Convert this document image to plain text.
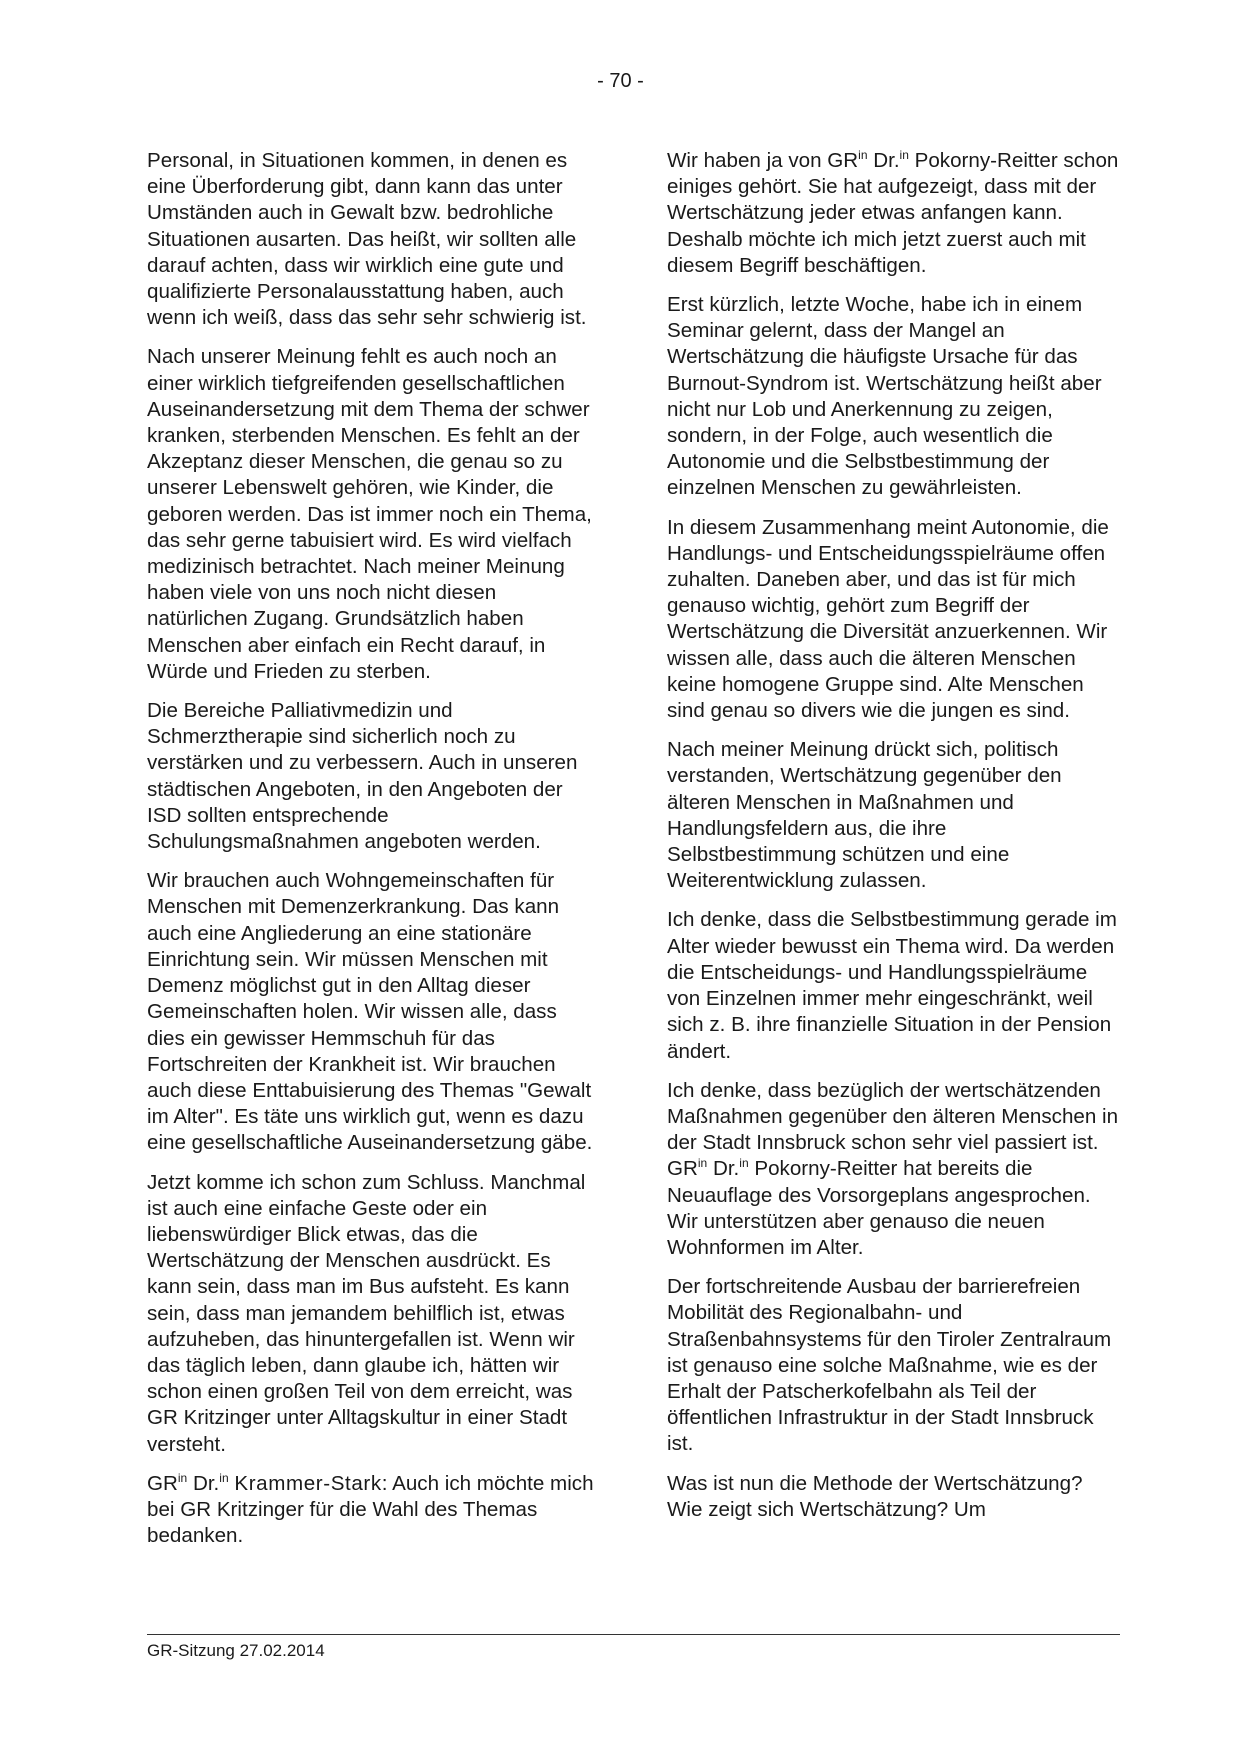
- 70 -

Personal, in Situationen kommen, in denen es eine Überforderung gibt, dann kann das unter Umständen auch in Gewalt bzw. bedrohliche Situationen ausarten. Das heißt, wir sollten alle darauf achten, dass wir wirklich eine gute und qualifizierte Personalausstattung haben, auch wenn ich weiß, dass das sehr sehr schwierig ist.

Nach unserer Meinung fehlt es auch noch an einer wirklich tiefgreifenden gesellschaftlichen Auseinandersetzung mit dem Thema der schwer kranken, sterbenden Menschen. Es fehlt an der Akzeptanz dieser Menschen, die genau so zu unserer Lebenswelt gehören, wie Kinder, die geboren werden. Das ist immer noch ein Thema, das sehr gerne tabuisiert wird. Es wird vielfach medizinisch betrachtet. Nach meiner Meinung haben viele von uns noch nicht diesen natürlichen Zugang. Grundsätzlich haben Menschen aber einfach ein Recht darauf, in Würde und Frieden zu sterben.

Die Bereiche Palliativmedizin und Schmerztherapie sind sicherlich noch zu verstärken und zu verbessern. Auch in unseren städtischen Angeboten, in den Angeboten der ISD sollten entsprechende Schulungsmaßnahmen angeboten werden.

Wir brauchen auch Wohngemeinschaften für Menschen mit Demenzerkrankung. Das kann auch eine Angliederung an eine stationäre Einrichtung sein. Wir müssen Menschen mit Demenz möglichst gut in den Alltag dieser Gemeinschaften holen. Wir wissen alle, dass dies ein gewisser Hemmschuh für das Fortschreiten der Krankheit ist. Wir brauchen auch diese Enttabuisierung des Themas "Gewalt im Alter". Es täte uns wirklich gut, wenn es dazu eine gesellschaftliche Auseinandersetzung gäbe.

Jetzt komme ich schon zum Schluss. Manchmal ist auch eine einfache Geste oder ein liebenswürdiger Blick etwas, das die Wertschätzung der Menschen ausdrückt. Es kann sein, dass man im Bus aufsteht. Es kann sein, dass man jemandem behilflich ist, etwas aufzuheben, das hinuntergefallen ist. Wenn wir das täglich leben, dann glaube ich, hätten wir schon einen großen Teil von dem erreicht, was GR Kritzinger unter Alltagskultur in einer Stadt versteht.

$GR^{in}$ Dr.$^{in}$ Krammer-Stark: Auch ich möchte mich bei GR Kritzinger für die Wahl des Themas bedanken.

Wir haben ja von $GR^{in}$ Dr.$^{in}$ Pokorny-Reitter schon einiges gehört. Sie hat aufgezeigt, dass mit der Wertschätzung jeder etwas anfangen kann. Deshalb möchte ich mich jetzt zuerst auch mit diesem Begriff beschäftigen.

Erst kürzlich, letzte Woche, habe ich in einem Seminar gelernt, dass der Mangel an Wertschätzung die häufigste Ursache für das Burnout-Syndrom ist. Wertschätzung heißt aber nicht nur Lob und Anerkennung zu zeigen, sondern, in der Folge, auch wesentlich die Autonomie und die Selbstbestimmung der einzelnen Menschen zu gewährleisten.

In diesem Zusammenhang meint Autonomie, die Handlungs- und Entscheidungsspielräume offen zuhalten. Daneben aber, und das ist für mich genauso wichtig, gehört zum Begriff der Wertschätzung die Diversität anzuerkennen. Wir wissen alle, dass auch die älteren Menschen keine homogene Gruppe sind. Alte Menschen sind genau so divers wie die jungen es sind.

Nach meiner Meinung drückt sich, politisch verstanden, Wertschätzung gegenüber den älteren Menschen in Maßnahmen und Handlungsfeldern aus, die ihre Selbstbestimmung schützen und eine Weiterentwicklung zulassen.

Ich denke, dass die Selbstbestimmung gerade im Alter wieder bewusst ein Thema wird. Da werden die Entscheidungs- und Handlungsspielräume von Einzelnen immer mehr eingeschränkt, weil sich z. B. ihre finanzielle Situation in der Pension ändert.

Ich denke, dass bezüglich der wertschätzenden Maßnahmen gegenüber den älteren Menschen in der Stadt Innsbruck schon sehr viel passiert ist. $GR^{in}$ Dr.$^{in}$ Pokorny-Reitter hat bereits die Neuauflage des Vorsorgeplans angesprochen. Wir unterstützen aber genauso die neuen Wohnformen im Alter.

Der fortschreitende Ausbau der barrierefreien Mobilität des Regionalbahn- und Straßenbahnsystems für den Tiroler Zentralraum ist genauso eine solche Maßnahme, wie es der Erhalt der Patscherkofelbahn als Teil der öffentlichen Infrastruktur in der Stadt Innsbruck ist.

Was ist nun die Methode der Wertschätzung? Wie zeigt sich Wertschätzung? Um

GR-Sitzung 27.02.2014
